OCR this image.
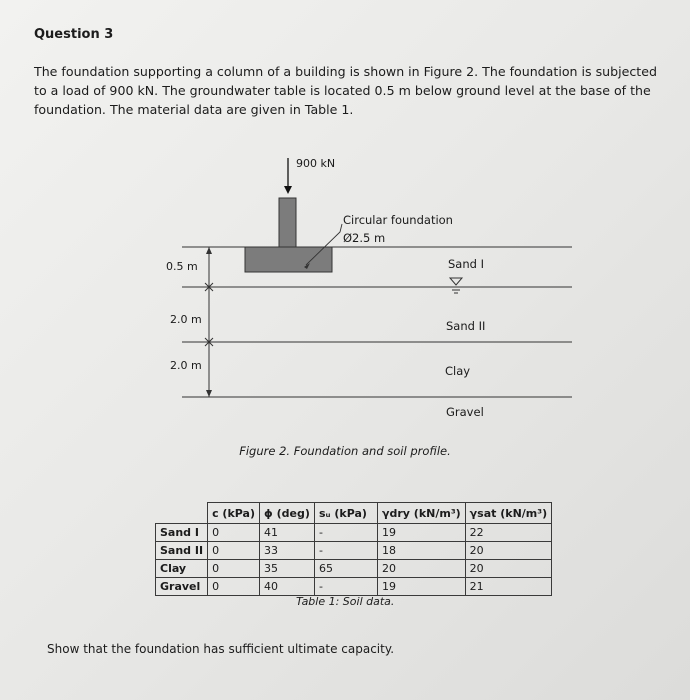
Question 3
The foundation supporting a column of a building is shown in Figure 2. The foundation is subjected to a load of 900 kN. The groundwater table is located 0.5 m below ground level at the base of the foundation. The material data are given in Table 1.
900 kN
Circular foundation
Ø2.5 m
0.5 m
2.0 m
2.0 m
Sand I
Sand II
Clay
Gravel
Figure 2. Foundation and soil profile.
	c (kPa)	ϕ (deg)	sᵤ (kPa)	γdry (kN/m³)	γsat (kN/m³)
Sand I	0	41	-	19	22
Sand II	0	33	-	18	20
Clay	0	35	65	20	20
Gravel	0	40	-	19	21
Table 1: Soil data.
Show that the foundation has sufficient ultimate capacity.
